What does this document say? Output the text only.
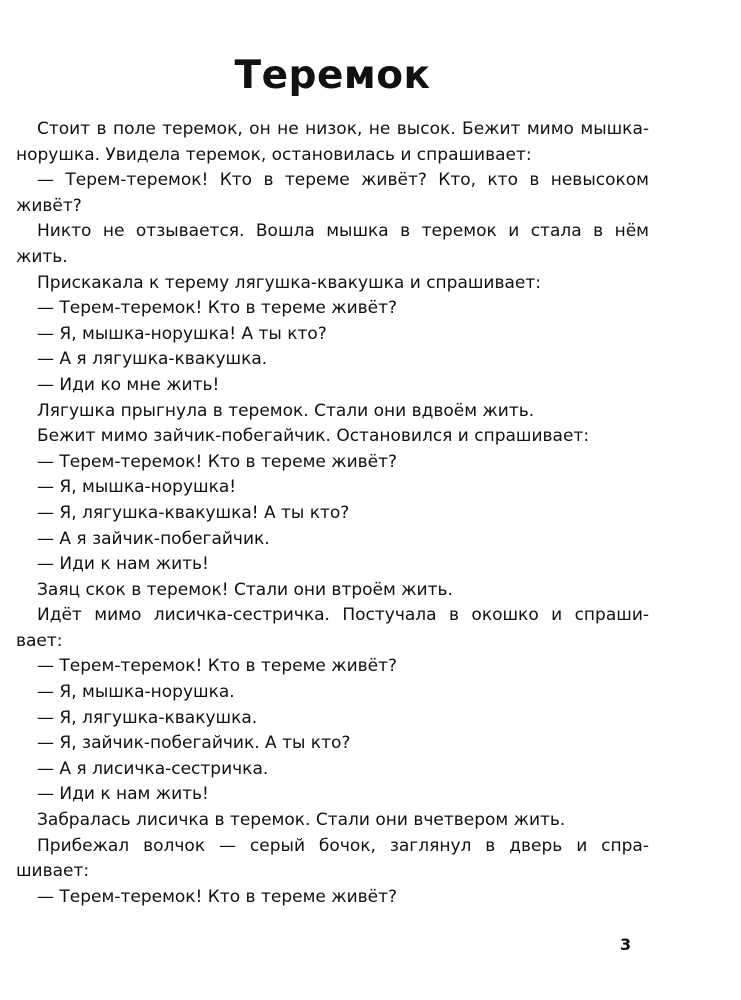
Теремок
Стоит в поле теремок, он не низок, не высок. Бежит мимо мышка-
норушка. Увидела теремок, остановилась и спрашивает:
— Терем-теремок! Кто в тереме живёт? Кто, кто в невысоком
живёт?
Никто не отзывается. Вошла мышка в теремок и стала в нём
жить.
Прискакала к терему лягушка-квакушка и спрашивает:
— Терем-теремок! Кто в тереме живёт?
— Я, мышка-норушка! А ты кто?
— А я лягушка-квакушка.
— Иди ко мне жить!
Лягушка прыгнула в теремок. Стали они вдвоём жить.
Бежит мимо зайчик-побегайчик. Остановился и спрашивает:
— Терем-теремок! Кто в тереме живёт?
— Я, мышка-норушка!
— Я, лягушка-квакушка! А ты кто?
— А я зайчик-побегайчик.
— Иди к нам жить!
Заяц скок в теремок! Стали они втроём жить.
Идёт мимо лисичка-сестричка. Постучала в окошко и спраши-
вает:
— Терем-теремок! Кто в тереме живёт?
— Я, мышка-норушка.
— Я, лягушка-квакушка.
— Я, зайчик-побегайчик. А ты кто?
— А я лисичка-сестричка.
— Иди к нам жить!
Забралась лисичка в теремок. Стали они вчетвером жить.
Прибежал волчок — серый бочок, заглянул в дверь и спра-
шивает:
— Терем-теремок! Кто в тереме живёт?
3
